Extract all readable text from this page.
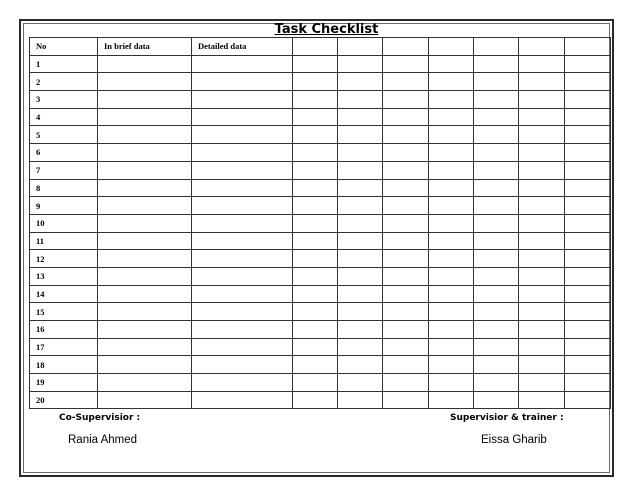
Task Checklist
No	In brief data	Detailed data							
1									
2									
3									
4									
5									
6									
7									
8									
9									
10									
11									
12									
13									
14									
15									
16									
17									
18									
19									
20									
Co-Supervisior :
Rania Ahmed
Supervisior & trainer :
Eissa Gharib
